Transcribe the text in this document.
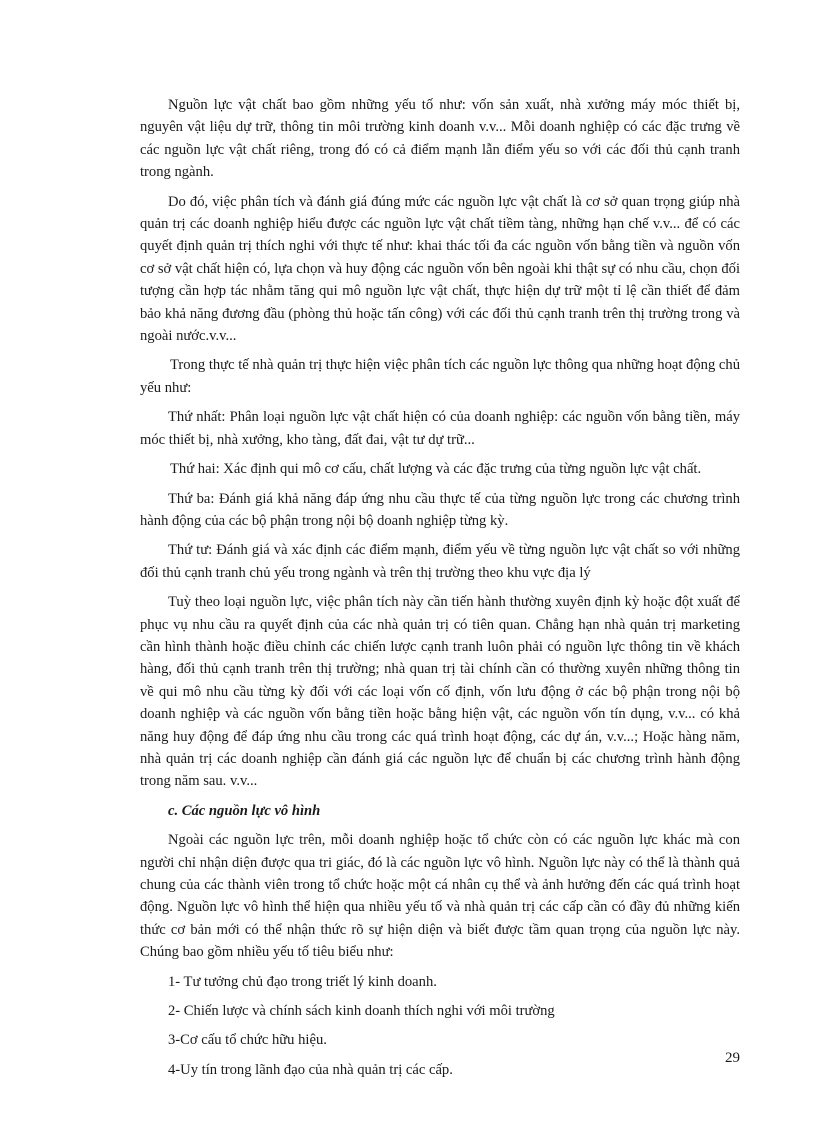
Nguồn lực vật chất bao gồm những yếu tố như: vốn sản xuất, nhà xưởng máy móc thiết bị, nguyên vật liệu dự trữ, thông tin môi trường kinh doanh v.v... Mỗi doanh nghiệp có các đặc trưng về các nguồn lực vật chất riêng, trong đó có cả điểm mạnh lẫn điểm yếu so với các đối thủ cạnh tranh trong ngành.

Do đó, việc phân tích và đánh giá đúng mức các nguồn lực vật chất là cơ sở quan trọng giúp nhà quản trị các doanh nghiệp hiểu được các nguồn lực vật chất tiềm tàng, những hạn chế v.v... để có các quyết định quản trị thích nghi với thực tế như: khai thác tối đa các nguồn vốn bằng tiền và nguồn vốn cơ sở vật chất hiện có, lựa chọn và huy động các nguồn vốn bên ngoài khi thật sự có nhu cầu, chọn đối tượng cần hợp tác nhằm tăng qui mô nguồn lực vật chất, thực hiện dự trữ một tỉ lệ cần thiết để đảm bảo khả năng đương đầu (phòng thủ hoặc tấn công) với các đối thủ cạnh tranh trên thị trường trong và ngoài nước.v.v...

Trong thực tế nhà quản trị thực hiện việc phân tích các nguồn lực thông qua những hoạt động chủ yếu như:

Thứ nhất: Phân loại nguồn lực vật chất hiện có của doanh nghiệp: các nguồn vốn bằng tiền, máy móc thiết bị, nhà xưởng, kho tàng, đất đai, vật tư dự trữ...

Thứ hai: Xác định qui mô cơ cấu, chất lượng và các đặc trưng của từng nguồn lực vật chất.

Thứ ba: Đánh giá khả năng đáp ứng nhu cầu thực tế của từng nguồn lực trong các chương trình hành động của các bộ phận trong nội bộ doanh nghiệp từng kỳ.

Thứ tư: Đánh giá và xác định các điểm mạnh, điểm yếu về từng nguồn lực vật chất so với những đối thủ cạnh tranh chủ yếu trong ngành và trên thị trường theo khu vực địa lý

Tuỳ theo loại nguồn lực, việc phân tích này cần tiến hành thường xuyên định kỳ hoặc đột xuất để phục vụ nhu cầu ra quyết định của các nhà quản trị có tiên quan. Chẳng hạn nhà quản trị marketing cần hình thành hoặc điều chỉnh các chiến lược cạnh tranh luôn phải có nguồn lực thông tin về khách hàng, đối thủ cạnh tranh trên thị trường; nhà quan trị tài chính cần có thường xuyên những thông tin về qui mô nhu cầu từng kỳ đối với các loại vốn cố định, vốn lưu động ở các bộ phận trong nội bộ doanh nghiệp và các nguồn vốn bằng tiền hoặc bằng hiện vật, các nguồn vốn tín dụng, v.v... có khả năng huy động để đáp ứng nhu cầu trong các quá trình hoạt động, các dự án, v.v...; Hoặc hàng năm, nhà quản trị các doanh nghiệp cần đánh giá các nguồn lực để chuẩn bị các chương trình hành động trong năm sau. v.v...

c. Các nguồn lực vô hình

Ngoài các nguồn lực trên, mỗi doanh nghiệp hoặc tổ chức còn có các nguồn lực khác mà con người chỉ nhận diện được qua tri giác, đó là các nguồn lực vô hình. Nguồn lực này có thể là thành quả chung của các thành viên trong tổ chức hoặc một cá nhân cụ thể và ảnh hưởng đến các quá trình hoạt động. Nguồn lực vô hình thể hiện qua nhiều yếu tố và nhà quản trị các cấp cần có đầy đủ những kiến thức cơ bản mới có thể nhận thức rõ sự hiện diện và biết được tầm quan trọng của nguồn lực này. Chúng bao gồm nhiều yếu tố tiêu biểu như:

1- Tư tưởng chủ đạo trong triết lý kinh doanh.

2- Chiến lược và chính sách kinh doanh thích nghi với môi trường

3-Cơ cấu tổ chức hữu hiệu.

4-Uy tín trong lãnh đạo của nhà quản trị các cấp.

29
